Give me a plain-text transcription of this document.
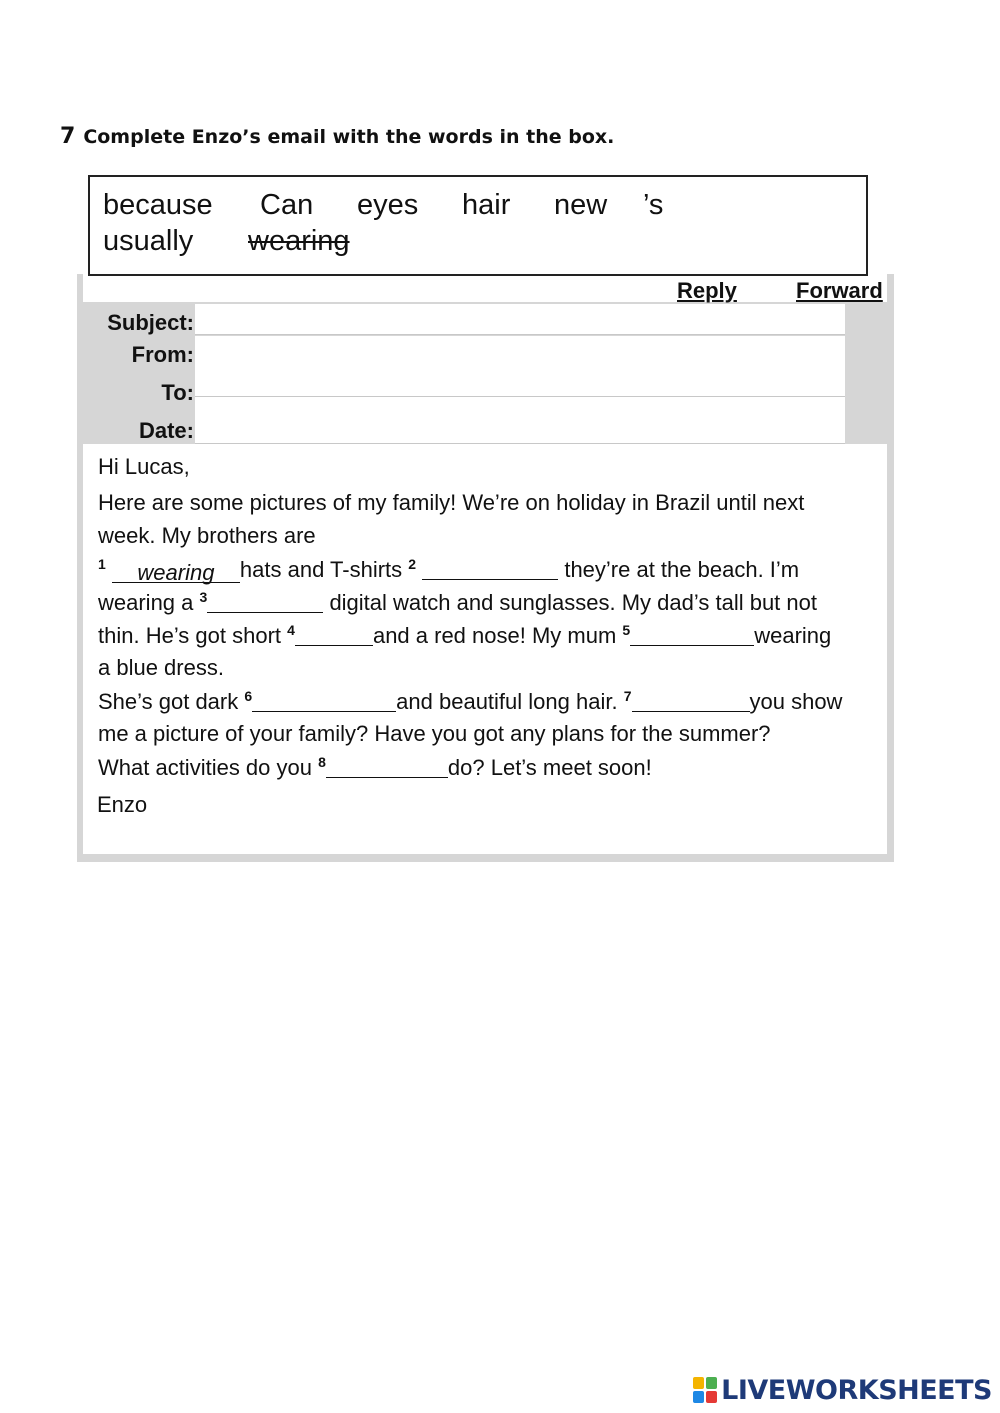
7 Complete Enzo’s email with the words in the box.
because Can eyes hair new ’s
usually wearing
Reply	Forward
Subject:
From:
To:
Date:
Hi Lucas,
Here are some pictures of my family! We’re on holiday in Brazil until next
week. My brothers are
$^1$ wearing hats and T-shirts $^2$	they’re at the beach. I’m
wearing a $^3$	digital watch and sunglasses. My dad’s tall but not
thin. He’s got short $^4$	and a red nose! My mum $^5$	wearing
a blue dress.
She’s got dark $^6$	and beautiful long hair. $^7$	you show
me a picture of your family? Have you got any plans for the summer?
What activities do you $^8$	do? Let’s meet soon!
Enzo
LIVEWORKSHEETS
